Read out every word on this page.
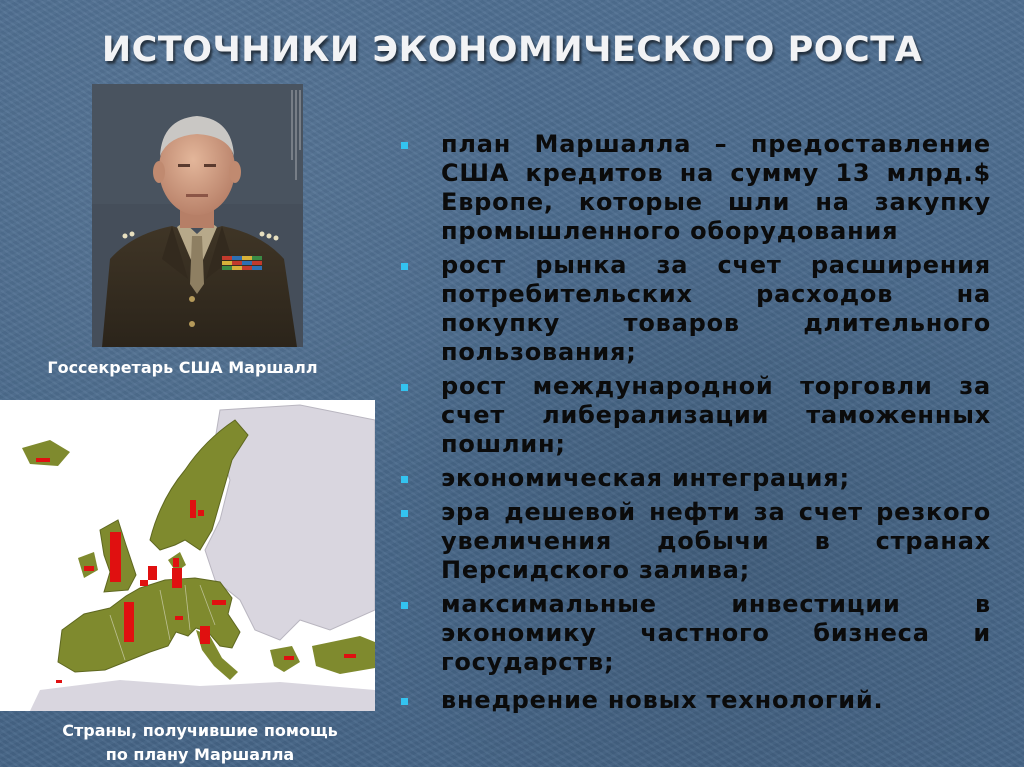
ИСТОЧНИКИ ЭКОНОМИЧЕСКОГО РОСТА
Госсекретарь США Маршалл
Страны, получившие помощь
по плану Маршалла
план Маршалла – предоставление США кредитов на сумму 13 млрд.$ Европе, которые шли на закупку промышленного оборудования
рост рынка за счет расширения потребительских расходов на покупку товаров длительного пользования;
рост международной торговли за счет либерализации таможенных пошлин;
экономическая интеграция;
эра дешевой нефти за счет резкого увеличения добычи в странах Персидского залива;
максимальные инвестиции в экономику частного бизнеса и государств;
внедрение новых технологий.
